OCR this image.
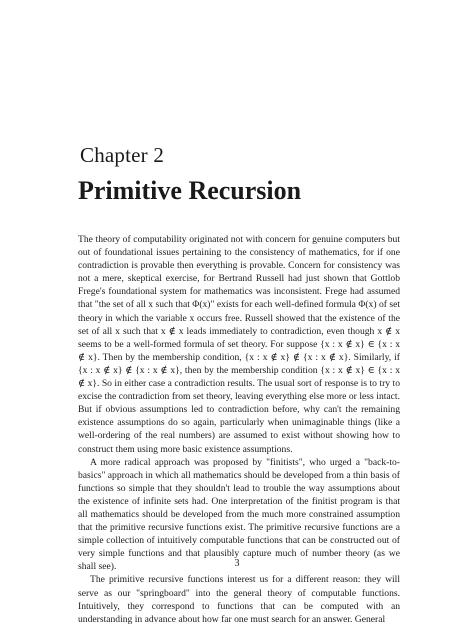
Chapter 2
Primitive Recursion

The theory of computability originated not with concern for genuine computers but out of foundational issues pertaining to the consistency of mathematics, for if one contradiction is provable then everything is provable. Concern for consistency was not a mere, skeptical exercise, for Bertrand Russell had just shown that Gottlob Frege's foundational system for mathematics was inconsistent. Frege had assumed that "the set of all x such that Φ(x)" exists for each well-defined formula Φ(x) of set theory in which the variable x occurs free. Russell showed that the existence of the set of all x such that x ∉ x leads immediately to contradiction, even though x ∉ x seems to be a well-formed formula of set theory. For suppose {x : x ∉ x} ∈ {x : x ∉ x}. Then by the membership condition, {x : x ∉ x} ∉ {x : x ∉ x}. Similarly, if {x : x ∉ x} ∉ {x : x ∉ x}, then by the membership condition {x : x ∉ x} ∈ {x : x ∉ x}. So in either case a contradiction results. The usual sort of response is to try to excise the contradiction from set theory, leaving everything else more or less intact. But if obvious assumptions led to contradiction before, why can't the remaining existence assumptions do so again, particularly when unimaginable things (like a well-ordering of the real numbers) are assumed to exist without showing how to construct them using more basic existence assumptions.

A more radical approach was proposed by "finitists", who urged a "back-to-basics" approach in which all mathematics should be developed from a thin basis of functions so simple that they shouldn't lead to trouble the way assumptions about the existence of infinite sets had. One interpretation of the finitist program is that all mathematics should be developed from the much more constrained assumption that the primitive recursive functions exist. The primitive recursive functions are a simple collection of intuitively computable functions that can be constructed out of very simple functions and that plausibly capture much of number theory (as we shall see).

The primitive recursive functions interest us for a different reason: they will serve as our "springboard" into the general theory of computable functions. Intuitively, they correspond to functions that can be computed with an understanding in advance about how far one must search for an answer. General

3
